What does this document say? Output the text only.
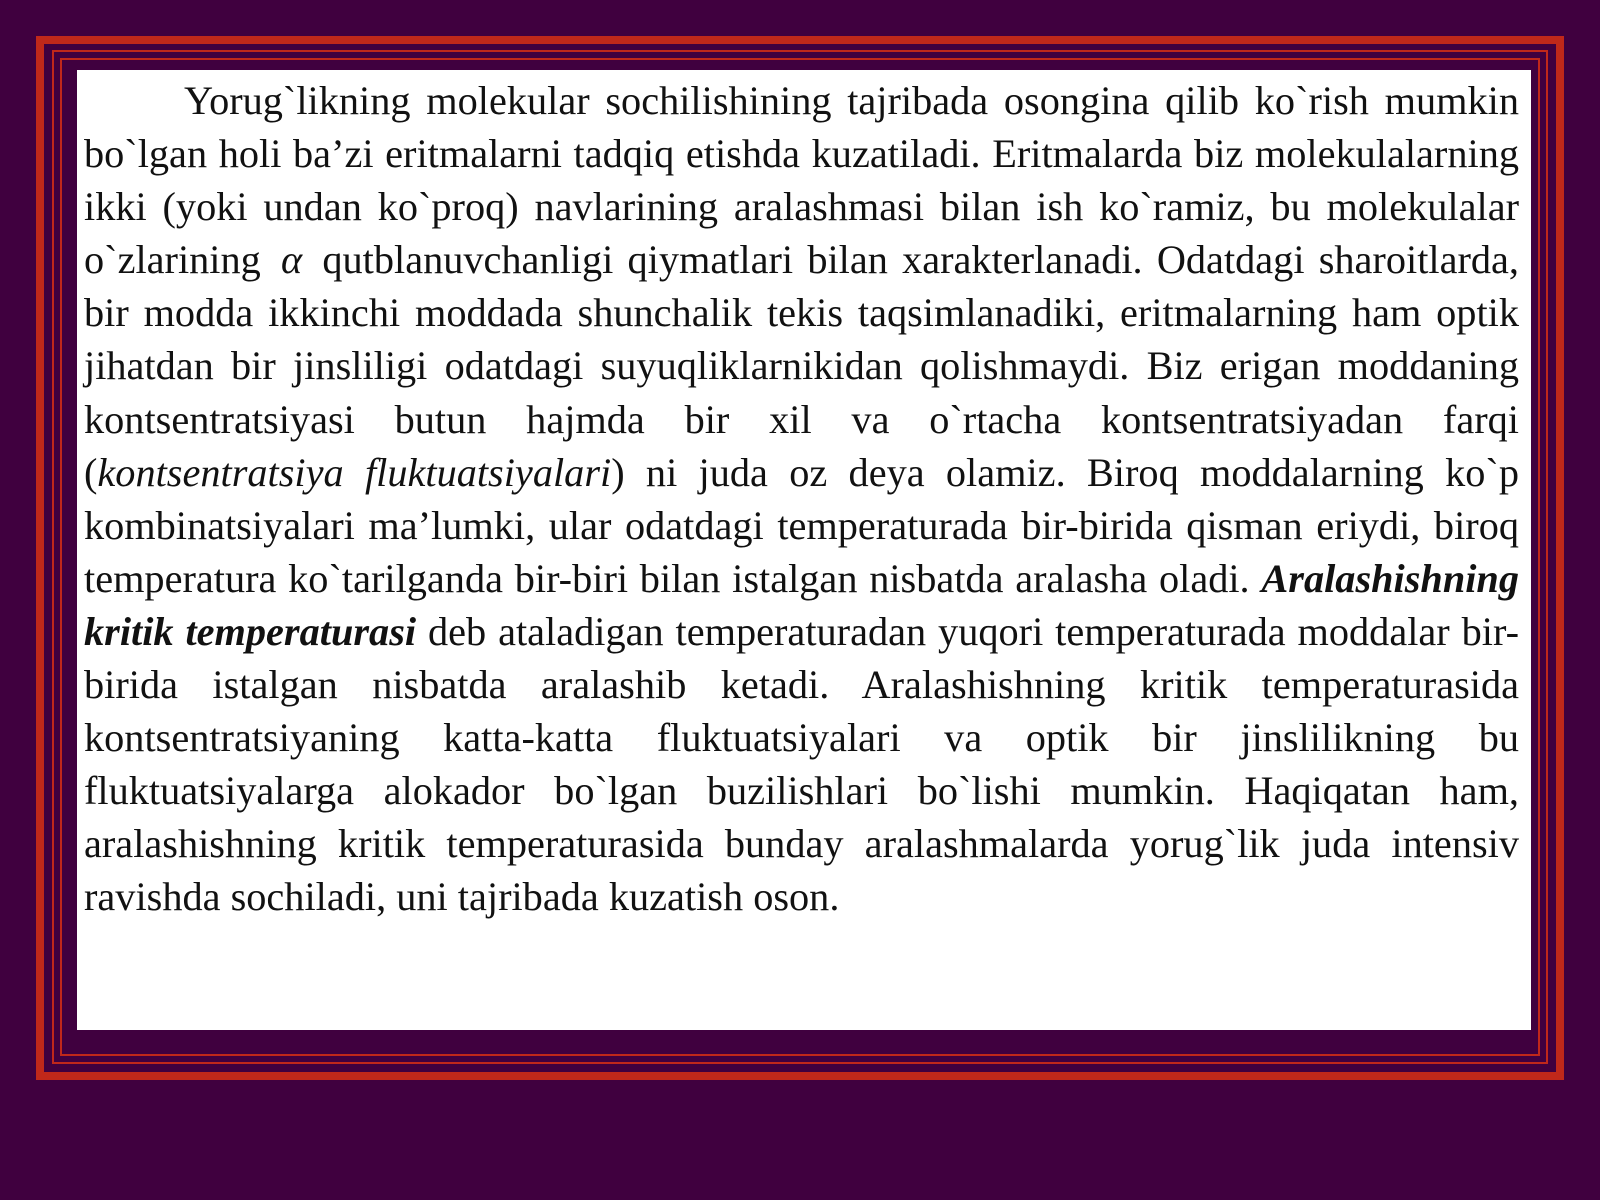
Yorug`likning molekular sochilishining tajribada osongina qilib ko`rish mumkin bo`lgan holi ba’zi eritmalarni tadqiq etishda kuzatiladi. Eritmalarda biz molekulalarning ikki (yoki undan ko`proq) navlarining aralashmasi bilan ish ko`ramiz, bu molekulalar o`zlarining α qutblanuvchanligi qiymatlari bilan xarakterlanadi. Odatdagi sharoitlarda, bir modda ikkinchi moddada shunchalik tekis taqsimlanadiki, eritmalarning ham optik jihatdan bir jinsliligi odatdagi suyuqliklarnikidan qolishmaydi. Biz erigan moddaning kontsentratsiyasi butun hajmda bir xil va o`rtacha kontsentratsiyadan farqi (kontsentratsiya fluktuatsiyalari) ni juda oz deya olamiz. Biroq moddalarning ko`p kombinatsiyalari ma’lumki, ular odatdagi temperaturada bir-birida qisman eriydi, biroq temperatura ko`tarilganda bir-biri bilan istalgan nisbatda aralasha oladi. Aralashishning kritik temperaturasi deb ataladigan temperaturadan yuqori temperaturada moddalar bir-birida istalgan nisbatda aralashib ketadi. Aralashishning kritik temperaturasida kontsentratsiyaning katta-katta fluktuatsiyalari va optik bir jinslilikning bu fluktuatsiyalarga alokador bo`lgan buzilishlari bo`lishi mumkin. Haqiqatan ham, aralashishning kritik temperaturasida bunday aralashmalarda yorug`lik juda intensiv ravishda sochiladi, uni tajribada kuzatish oson.
